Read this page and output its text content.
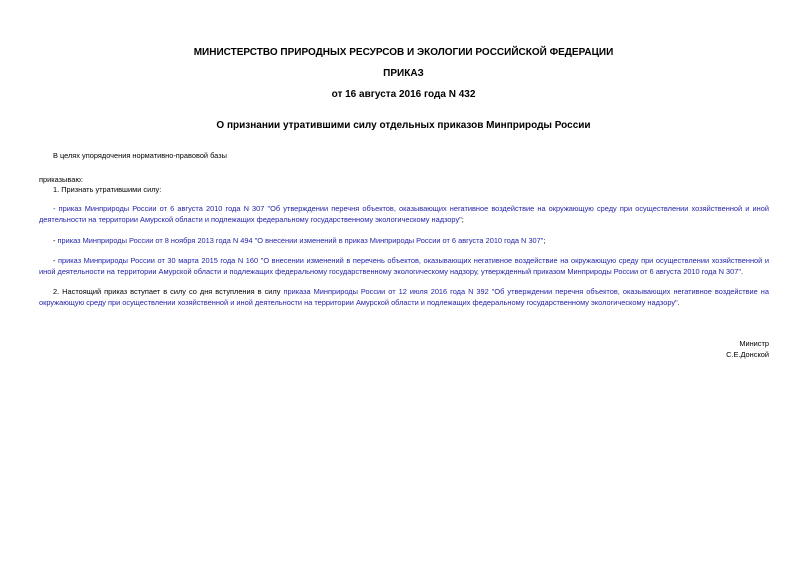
МИНИСТЕРСТВО ПРИРОДНЫХ РЕСУРСОВ И ЭКОЛОГИИ РОССИЙСКОЙ ФЕДЕРАЦИИ
ПРИКАЗ
от 16 августа 2016 года N 432
О признании утратившими силу отдельных приказов Минприроды России
В целях упорядочения нормативно-правовой базы
приказываю:
1. Признать утратившими силу:
- приказ Минприроды России от 6 августа 2010 года N 307 "Об утверждении перечня объектов, оказывающих негативное воздействие на окружающую среду при осуществлении хозяйственной и иной деятельности на территории Амурской области и подлежащих федеральному государственному экологическому надзору";
- приказ Минприроды России от 8 ноября 2013 года N 494 "О внесении изменений в приказ Минприроды России от 6 августа 2010 года N 307";
- приказ Минприроды России от 30 марта 2015 года N 160 "О внесении изменений в перечень объектов, оказывающих негативное воздействие на окружающую среду при осуществлении хозяйственной и иной деятельности на территории Амурской области и подлежащих федеральному государственному экологическому надзору, утвержденный приказом Минприроды России от 6 августа 2010 года N 307".
2. Настоящий приказ вступает в силу со дня вступления в силу приказа Минприроды России от 12 июля 2016 года N 392 "Об утверждении перечня объектов, оказывающих негативное воздействие на окружающую среду при осуществлении хозяйственной и иной деятельности на территории Амурской области и подлежащих федеральному государственному экологическому надзору".
Министр
С.Е.Донской
